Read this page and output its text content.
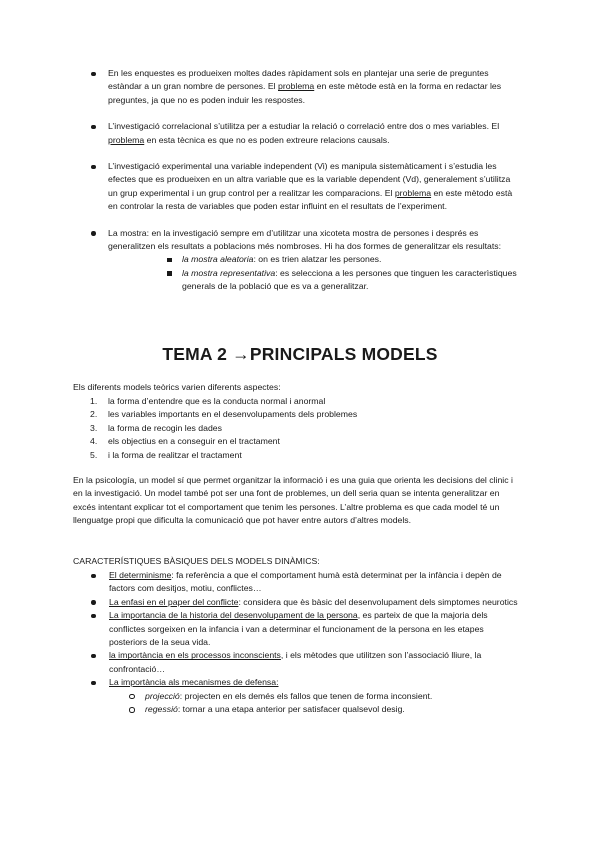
En les enquestes es produeixen moltes dades ràpidament sols en plantejar una serie de preguntes estàndar a un gran nombre de persones. El problema en este mètode està en la forma en redactar les preguntes, ja que no es poden induir les respostes.
L’investigació correlacional s’utilitza per a estudiar la relació o correlació entre dos o mes variables. El problema en esta tècnica es que no es poden extreure relacions causals.
L’investigació experimental una variable independent (Vi) es manipula sistemàticament i s’estudia les efectes que es produeixen en un altra variable que es la variable dependent (Vd), generalement s’utilitza un grup experimental i un grup control per a realitzar les comparacions. El problema en este mètodo està en controlar la resta de variables que poden estar influint en el resultats de l’experiment.
La mostra: en la investigació sempre em d’utilitzar una xicoteta mostra de persones i després es generalitzen els resultats a poblacions més nombroses. Hi ha dos formes de generalitzar els resultats:
la mostra aleatoria: on es trien alatzar les persones.
la mostra representativa: es selecciona a les persones que tinguen les caracterìstiques generals de la població que es va a generalitzar.
TEMA 2 →PRINCIPALS MODELS
Els diferents models teòrics varien diferents aspectes:
1. la forma d’entendre que es la conducta normal i anormal
2. les variables importants en el desenvolupaments dels problemes
3. la forma de recogin les dades
4. els objectius en a conseguir en el tractament
5. i la forma de realitzar el tractament
En la psicología, un model sí que permet organitzar la informació i es una guia que orienta les decisions del clinic i en la investigació. Un model també pot ser una font de problemes, un dell seria quan se intenta generalitzar en excés intentant explicar tot el comportament que tenim les persones. L’altre problema es que cada model té un llenguatge propi que dificulta la comunicació que pot haver entre autors d’altres models.
CARACTERÍSTIQUES BÀSIQUES DELS MODELS DINÀMICS:
El determinisme: fa referència a que el comportament humà està determinat per la infància i depèn de factors com desitjos, motiu, conflictes…
La enfasi en el paper del conflicte: considera que ès bàsic del desenvolupament dels simptomes neurotics
La importancia de la historia del desenvolupament de la persona, es parteix de que la majoria dels conflictes sorgeixen en la infancia i van a determinar el funcionament de la persona en les etapes posteriors de la seua vida.
la importància en els processos inconscients, i els mètodes que utilitzen son l’associació lliure, la confrontació…
La importància als mecanismes de defensa:
projecció: projecten en els demés els fallos que tenen de forma inconsient.
regessió: tornar a una etapa anterior per satisfacer qualsevol desig.
